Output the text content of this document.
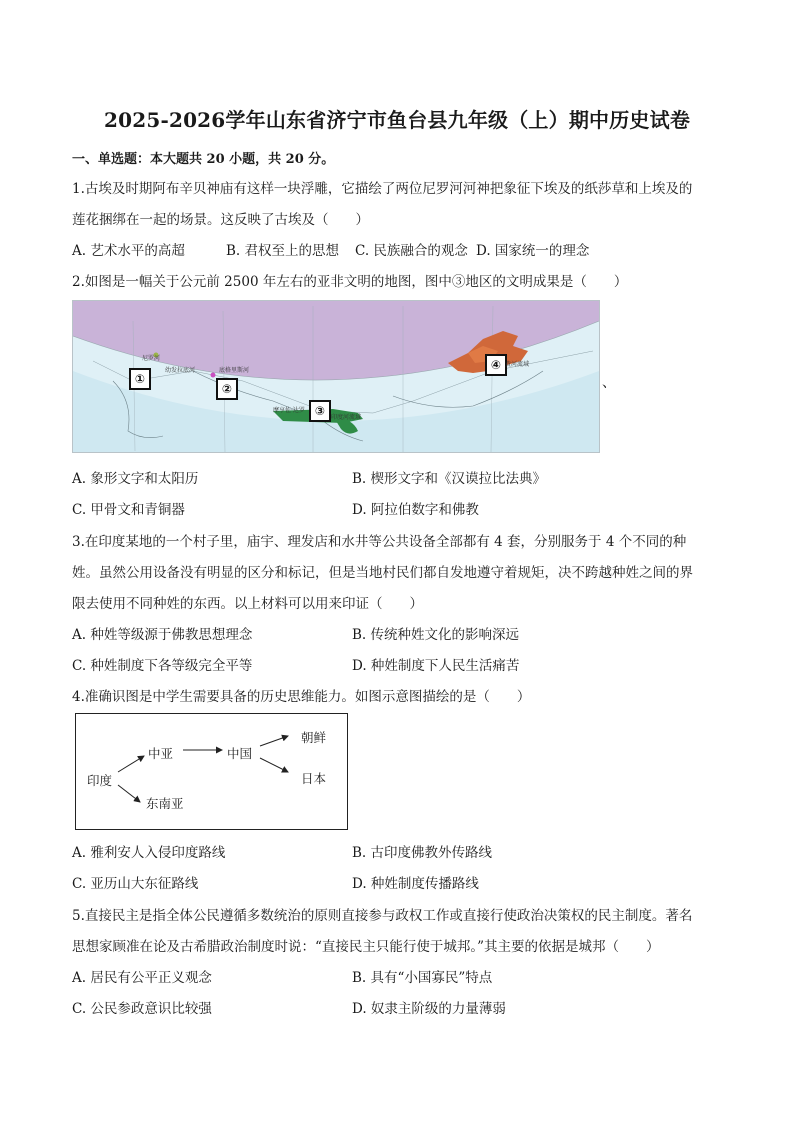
2025-2026学年山东省济宁市鱼台县九年级（上）期中历史试卷
一、单选题：本大题共 20 小题，共 20 分。
1.古埃及时期阿布辛贝神庙有这样一块浮雕，它描绘了两位尼罗河河神把象征下埃及的纸莎草和上埃及的
莲花捆绑在一起的场景。这反映了古埃及（　　）
A. 艺术水平的高超	B. 君权至上的思想 C. 民族融合的观念 D. 国家统一的理念
2.如图是一幅关于公元前 2500 年左右的亚非文明的地图，图中③地区的文明成果是（　　）
①
②
③
④
尼罗河
幼发拉底河	底格里斯河
摩亨佐·达罗
印度河流域
黄河流域
、
A. 象形文字和太阳历	B. 楔形文字和《汉谟拉比法典》
C. 甲骨文和青铜器	D. 阿拉伯数字和佛教
3.在印度某地的一个村子里，庙宇、理发店和水井等公共设备全部都有 4 套，分别服务于 4 个不同的种
姓。虽然公用设备没有明显的区分和标记，但是当地村民们都自发地遵守着规矩，决不跨越种姓之间的界
限去使用不同种姓的东西。以上材料可以用来印证（　　）
A. 种姓等级源于佛教思想理念	B. 传统种姓文化的影响深远
C. 种姓制度下各等级完全平等	D. 种姓制度下人民生活痛苦
4.准确识图是中学生需要具备的历史思维能力。如图示意图描绘的是（　　）
印度
中亚	中国
朝鲜
日本
东南亚
A. 雅利安人入侵印度路线	B. 古印度佛教外传路线
C. 亚历山大东征路线	D. 种姓制度传播路线
5.直接民主是指全体公民遵循多数统治的原则直接参与政权工作或直接行使政治决策权的民主制度。著名
思想家顾准在论及古希腊政治制度时说：“直接民主只能行使于城邦。”其主要的依据是城邦（　　）
A. 居民有公平正义观念	B. 具有“小国寡民”特点
C. 公民参政意识比较强	D. 奴隶主阶级的力量薄弱
